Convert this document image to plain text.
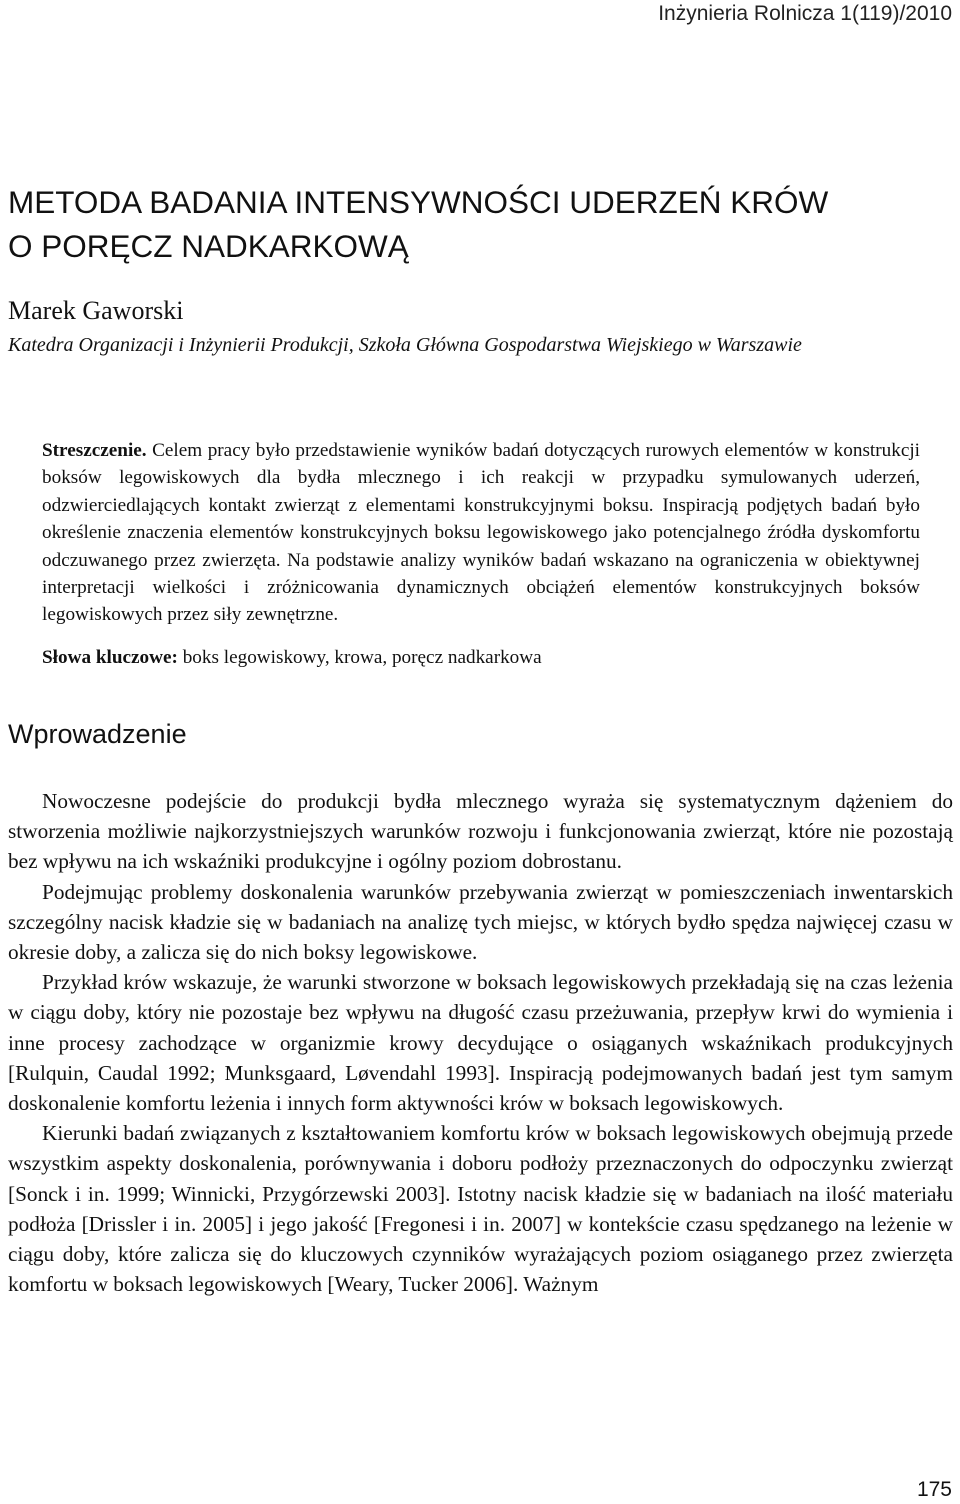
Inżynieria Rolnicza 1(119)/2010
METODA BADANIA INTENSYWNOŚCI UDERZEŃ KRÓW
O PORĘCZ NADKARKOWĄ
Marek Gaworski
Katedra Organizacji i Inżynierii Produkcji, Szkoła Główna Gospodarstwa Wiejskiego w Warszawie

Streszczenie. Celem pracy było przedstawienie wyników badań dotyczących rurowych elementów w konstrukcji boksów legowiskowych dla bydła mlecznego i ich reakcji w przypadku symulowanych uderzeń, odzwierciedlających kontakt zwierząt z elementami konstrukcyjnymi boksu. Inspiracją podjętych badań było określenie znaczenia elementów konstrukcyjnych boksu legowiskowego jako potencjalnego źródła dyskomfortu odczuwanego przez zwierzęta. Na podstawie analizy wyników badań wskazano na ograniczenia w obiektywnej interpretacji wielkości i zróżnicowania dynamicznych obciążeń elementów konstrukcyjnych boksów legowiskowych przez siły zewnętrzne.

Słowa kluczowe: boks legowiskowy, krowa, poręcz nadkarkowa

Wprowadzenie

Nowoczesne podejście do produkcji bydła mlecznego wyraża się systematycznym dążeniem do stworzenia możliwie najkorzystniejszych warunków rozwoju i funkcjonowania zwierząt, które nie pozostają bez wpływu na ich wskaźniki produkcyjne i ogólny poziom dobrostanu.

Podejmując problemy doskonalenia warunków przebywania zwierząt w pomieszczeniach inwentarskich szczególny nacisk kładzie się w badaniach na analizę tych miejsc, w których bydło spędza najwięcej czasu w okresie doby, a zalicza się do nich boksy legowiskowe.

Przykład krów wskazuje, że warunki stworzone w boksach legowiskowych przekładają się na czas leżenia w ciągu doby, który nie pozostaje bez wpływu na długość czasu przeżuwania, przepływ krwi do wymienia i inne procesy zachodzące w organizmie krowy decydujące o osiąganych wskaźnikach produkcyjnych [Rulquin, Caudal 1992; Munksgaard, Løvendahl 1993]. Inspiracją podejmowanych badań jest tym samym doskonalenie komfortu leżenia i innych form aktywności krów w boksach legowiskowych.

Kierunki badań związanych z kształtowaniem komfortu krów w boksach legowiskowych obejmują przede wszystkim aspekty doskonalenia, porównywania i doboru podłoży przeznaczonych do odpoczynku zwierząt [Sonck i in. 1999; Winnicki, Przygórzewski 2003]. Istotny nacisk kładzie się w badaniach na ilość materiału podłoża [Drissler i in. 2005] i jego jakość [Fregonesi i in. 2007] w kontekście czasu spędzanego na leżenie w ciągu doby, które zalicza się do kluczowych czynników wyrażających poziom osiąganego przez zwierzęta komfortu w boksach legowiskowych [Weary, Tucker 2006]. Ważnym

175
